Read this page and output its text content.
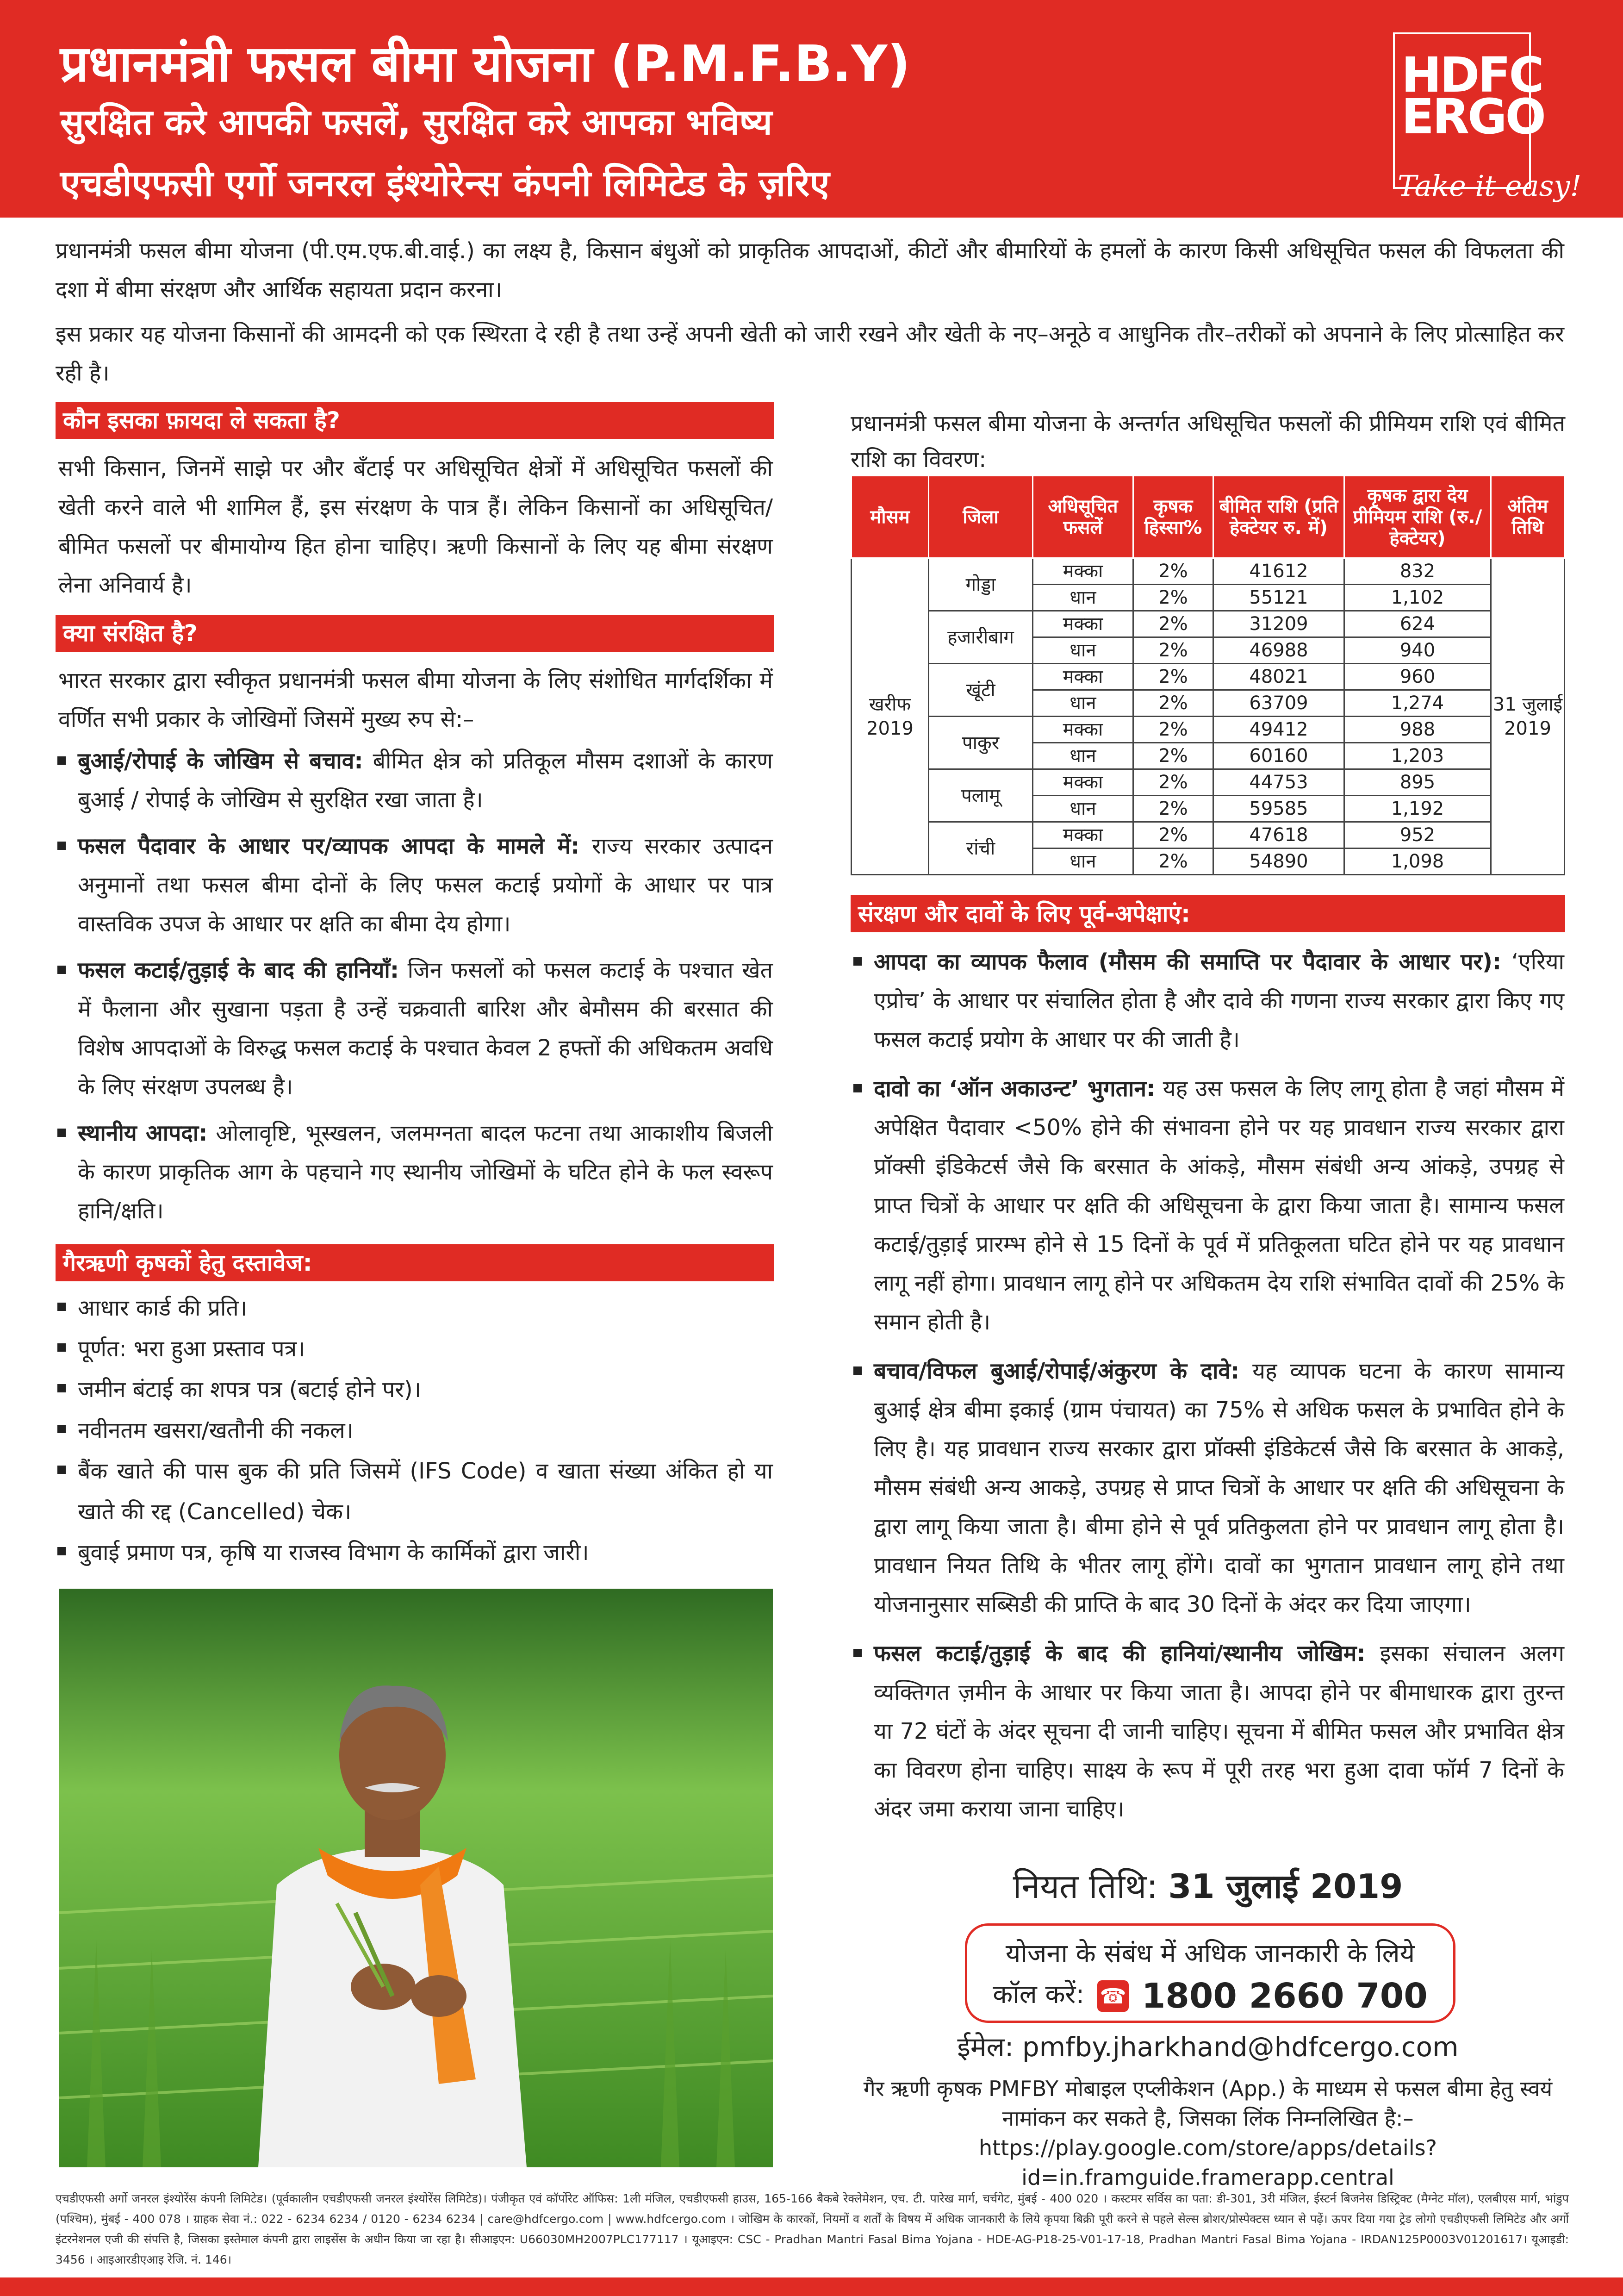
प्रधानमंत्री फसल बीमा योजना (P.M.F.B.Y)
सुरक्षित करे आपकी फसलें, सुरक्षित करे आपका भविष्य
एचडीएफसी एर्गो जनरल इंश्योरेन्स कंपनी लिमिटेड के ज़रिए
HDFC
ERGO
Take it easy!
प्रधानमंत्री फसल बीमा योजना (पी.एम.एफ.बी.वाई.) का लक्ष्य है, किसान बंधुओं को प्राकृतिक आपदाओं, कीटों और बीमारियों के हमलों के कारण किसी अधिसूचित फसल की विफलता की दशा में बीमा संरक्षण और आर्थिक सहायता प्रदान करना।
इस प्रकार यह योजना किसानों की आमदनी को एक स्थिरता दे रही है तथा उन्हें अपनी खेती को जारी रखने और खेती के नए–अनूठे व आधुनिक तौर–तरीकों को अपनाने के लिए प्रोत्साहित कर रही है।
कौन इसका फ़ायदा ले सकता है?
सभी किसान, जिनमें साझे पर और बँटाई पर अधिसूचित क्षेत्रों में अधिसूचित फसलों की खेती करने वाले भी शामिल हैं, इस संरक्षण के पात्र हैं। लेकिन किसानों का अधिसूचित/बीमित फसलों पर बीमायोग्य हित होना चाहिए। ऋणी किसानों के लिए यह बीमा संरक्षण लेना अनिवार्य है।
क्या संरक्षित है?
भारत सरकार द्वारा स्वीकृत प्रधानमंत्री फसल बीमा योजना के लिए संशोधित मार्गदर्शिका में वर्णित सभी प्रकार के जोखिमों जिसमें मुख्य रुप से:–
बुआई/रोपाई के जोखिम से बचाव: बीमित क्षेत्र को प्रतिकूल मौसम दशाओं के कारण बुआई / रोपाई के जोखिम से सुरक्षित रखा जाता है।
फसल पैदावार के आधार पर/व्यापक आपदा के मामले में: राज्य सरकार उत्पादन अनुमानों तथा फसल बीमा दोनों के लिए फसल कटाई प्रयोगों के आधार पर पात्र वास्तविक उपज के आधार पर क्षति का बीमा देय होगा।
फसल कटाई/तुड़ाई के बाद की हानियाँ: जिन फसलों को फसल कटाई के पश्चात खेत में फैलाना और सुखाना पड़ता है उन्हें चक्रवाती बारिश और बेमौसम की बरसात की विशेष आपदाओं के विरुद्ध फसल कटाई के पश्चात केवल 2 हफ्तों की अधिकतम अवधि के लिए संरक्षण उपलब्ध है।
स्थानीय आपदा: ओलावृष्टि, भूस्खलन, जलमग्नता बादल फटना तथा आकाशीय बिजली के कारण प्राकृतिक आग के पहचाने गए स्थानीय जोखिमों के घटित होने के फल स्वरूप हानि/क्षति।
गैरऋणी कृषकों हेतु दस्तावेज:
आधार कार्ड की प्रति।
पूर्णत: भरा हुआ प्रस्ताव पत्र।
जमीन बंटाई का शपत्र पत्र (बटाई होने पर)।
नवीनतम खसरा/खतौनी की नकल।
बैंक खाते की पास बुक की प्रति जिसमें (IFS Code) व खाता संख्या अंकित हो या खाते की रद्द (Cancelled) चेक।
बुवाई प्रमाण पत्र, कृषि या राजस्व विभाग के कार्मिकों द्वारा जारी।
प्रधानमंत्री फसल बीमा योजना के अन्तर्गत अधिसूचित फसलों की प्रीमियम राशि एवं बीमित राशि का विवरण:
मौसम	जिला	अधिसूचित फसलें	कृषक हिस्सा%	बीमित राशि (प्रति हेक्टेयर रु. में)	कृषक द्वारा देय प्रीमियम राशि (रु./हेक्टेयर)	अंतिम तिथि
खरीफ 2019	गोड्डा	मक्का	2%	41612	832	31 जुलाई 2019
		धान	2%	55121	1,102	
	हजारीबाग	मक्का	2%	31209	624	
		धान	2%	46988	940	
	खूंटी	मक्का	2%	48021	960	
		धान	2%	63709	1,274	
	पाकुर	मक्का	2%	49412	988	
		धान	2%	60160	1,203	
	पलामू	मक्का	2%	44753	895	
		धान	2%	59585	1,192	
	रांची	मक्का	2%	47618	952	
		धान	2%	54890	1,098	
संरक्षण और दावों के लिए पूर्व-अपेक्षाएं:
आपदा का व्यापक फैलाव (मौसम की समाप्ति पर पैदावार के आधार पर): ‘एरिया एप्रोच’ के आधार पर संचालित होता है और दावे की गणना राज्य सरकार द्वारा किए गए फसल कटाई प्रयोग के आधार पर की जाती है।
दावो का ‘ऑन अकाउन्ट’ भुगतान: यह उस फसल के लिए लागू होता है जहां मौसम में अपेक्षित पैदावार <50% होने की संभावना होने पर यह प्रावधान राज्य सरकार द्वारा प्रॉक्सी इंडिकेटर्स जैसे कि बरसात के आंकड़े, मौसम संबंधी अन्य आंकड़े, उपग्रह से प्राप्त चित्रों के आधार पर क्षति की अधिसूचना के द्वारा किया जाता है। सामान्य फसल कटाई/तुड़ाई प्रारम्भ होने से 15 दिनों के पूर्व में प्रतिकूलता घटित होने पर यह प्रावधान लागू नहीं होगा। प्रावधान लागू होने पर अधिकतम देय राशि संभावित दावों की 25% के समान होती है।
बचाव/विफल बुआई/रोपाई/अंकुरण के दावे: यह व्यापक घटना के कारण सामान्य बुआई क्षेत्र बीमा इकाई (ग्राम पंचायत) का 75% से अधिक फसल के प्रभावित होने के लिए है। यह प्रावधान राज्य सरकार द्वारा प्रॉक्सी इंडिकेटर्स जैसे कि बरसात के आकड़े, मौसम संबंधी अन्य आकड़े, उपग्रह से प्राप्त चित्रों के आधार पर क्षति की अधिसूचना के द्वारा लागू किया जाता है। बीमा होने से पूर्व प्रतिकुलता होने पर प्रावधान लागू होता है। प्रावधान नियत तिथि के भीतर लागू होंगे। दावों का भुगतान प्रावधान लागू होने तथा योजनानुसार सब्सिडी की प्राप्ति के बाद 30 दिनों के अंदर कर दिया जाएगा।
फसल कटाई/तुड़ाई के बाद की हानियां/स्थानीय जोखिम: इसका संचालन अलग व्यक्तिगत ज़मीन के आधार पर किया जाता है। आपदा होने पर बीमाधारक द्वारा तुरन्त या 72 घंटों के अंदर सूचना दी जानी चाहिए। सूचना में बीमित फसल और प्रभावित क्षेत्र का विवरण होना चाहिए। साक्ष्य के रूप में पूरी तरह भरा हुआ दावा फॉर्म 7 दिनों के अंदर जमा कराया जाना चाहिए।
नियत तिथि: 31 जुलाई 2019
योजना के संबंध में अधिक जानकारी के लिये
कॉल करें: ☎ 1800 2660 700
ईमेल: pmfby.jharkhand@hdfcergo.com
गैर ऋणी कृषक PMFBY मोबाइल एप्लीकेशन (App.) के माध्यम से फसल बीमा हेतु स्वयं नामांकन कर सकते है, जिसका लिंक निम्नलिखित है:–
https://play.google.com/store/apps/details?id=in.framguide.framerapp.central
एचडीएफसी अर्गो जनरल इंश्योरेंस कंपनी लिमिटेड। (पूर्वकालीन एचडीएफसी जनरल इंश्योरेंस लिमिटेड)। पंजीकृत एवं कॉर्पोरेट ऑफिस: 1ली मंजिल, एचडीएफसी हाउस, 165-166 बैकबे रेक्लेमेशन, एच. टी. पारेख मार्ग, चर्चगेट, मुंबई - 400 020 । कस्टमर सर्विस का पता: डी-301, 3री मंजिल, ईस्टर्न बिजनेस डिस्ट्रिक्ट (मैग्नेट मॉल), एलबीएस मार्ग, भांडुप (पश्चिम), मुंबई - 400 078 । ग्राहक सेवा नं.: 022 - 6234 6234 / 0120 - 6234 6234 | care@hdfcergo.com | www.hdfcergo.com । जोखिम के कारकों, नियमों व शर्तों के विषय में अधिक जानकारी के लिये कृपया बिक्री पूरी करने से पहले सेल्स ब्रोशर/प्रोस्पेक्टस ध्यान से पढ़ें। ऊपर दिया गया ट्रेड लोगो एचडीएफसी लिमिटेड और अर्गो इंटरनेशनल एजी की संपत्ति है, जिसका इस्तेमाल कंपनी द्वारा लाइसेंस के अधीन किया जा रहा है। सीआइएन: U66030MH2007PLC177117 । यूआइएन: CSC - Pradhan Mantri Fasal Bima Yojana - HDE-AG-P18-25-V01-17-18, Pradhan Mantri Fasal Bima Yojana - IRDAN125P0003V01201617। यूआइडी: 3456 । आइआरडीएआइ रेजि. नं. 146।
